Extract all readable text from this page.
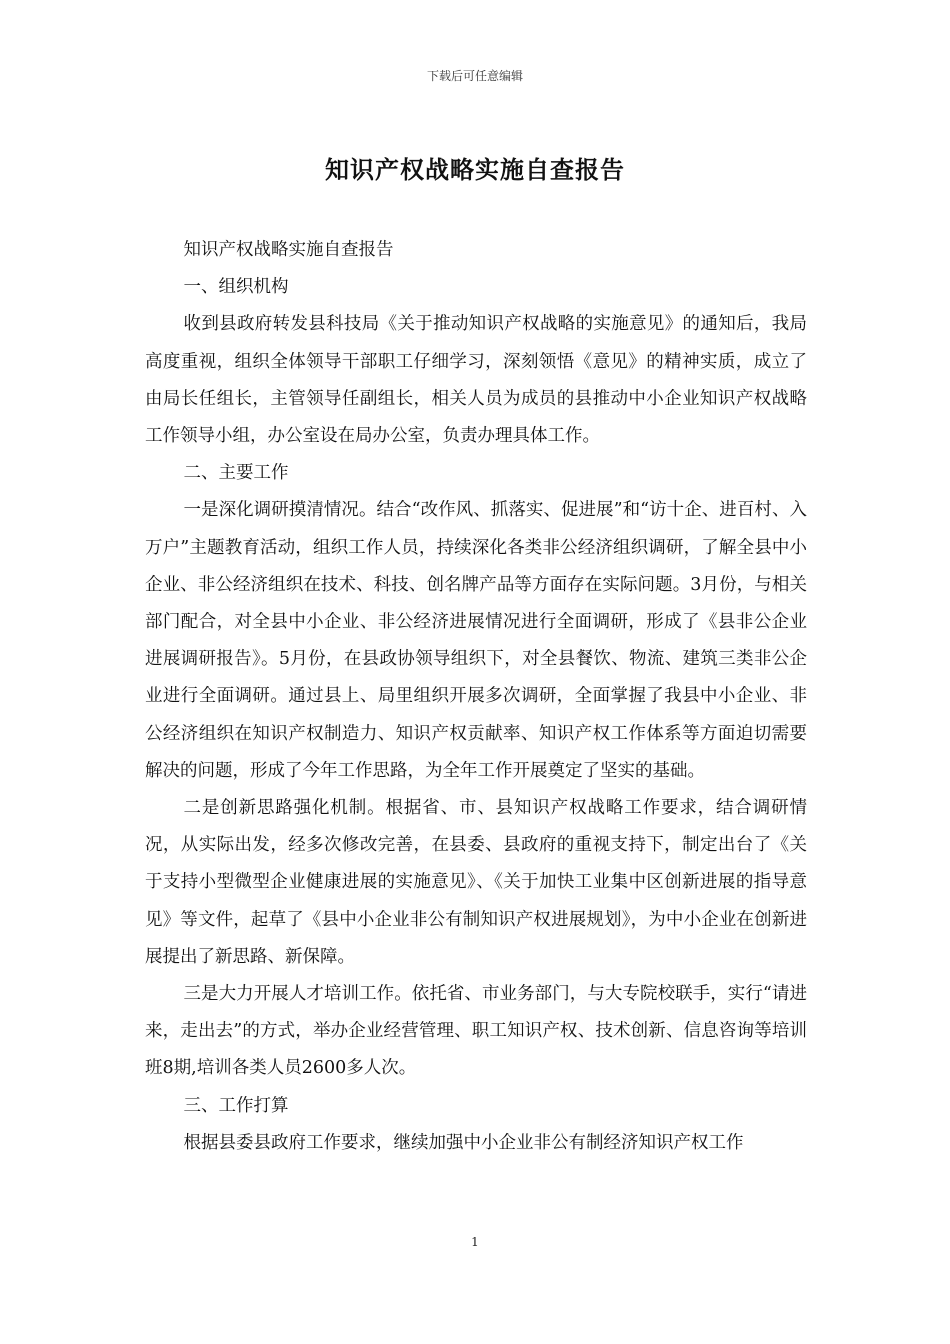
下载后可任意编辑
知识产权战略实施自查报告

知识产权战略实施自查报告

一、组织机构

收到县政府转发县科技局《关于推动知识产权战略的实施意见》的通知后，我局高度重视，组织全体领导干部职工仔细学习，深刻领悟《意见》的精神实质，成立了由局长任组长，主管领导任副组长，相关人员为成员的县推动中小企业知识产权战略工作领导小组，办公室设在局办公室，负责办理具体工作。

二、主要工作

一是深化调研摸清情况。结合“改作风、抓落实、促进展”和“访十企、进百村、入万户”主题教育活动，组织工作人员，持续深化各类非公经济组织调研，了解全县中小企业、非公经济组织在技术、科技、创名牌产品等方面存在实际问题。3月份，与相关部门配合，对全县中小企业、非公经济进展情况进行全面调研，形成了《县非公企业进展调研报告》。5月份，在县政协领导组织下，对全县餐饮、物流、建筑三类非公企业进行全面调研。通过县上、局里组织开展多次调研，全面掌握了我县中小企业、非公经济组织在知识产权制造力、知识产权贡献率、知识产权工作体系等方面迫切需要解决的问题，形成了今年工作思路，为全年工作开展奠定了坚实的基础。

二是创新思路强化机制。根据省、市、县知识产权战略工作要求，结合调研情况，从实际出发，经多次修改完善，在县委、县政府的重视支持下，制定出台了《关于支持小型微型企业健康进展的实施意见》、《关于加快工业集中区创新进展的指导意见》等文件，起草了《县中小企业非公有制知识产权进展规划》，为中小企业在创新进展提出了新思路、新保障。

三是大力开展人才培训工作。依托省、市业务部门，与大专院校联手，实行“请进来，走出去”的方式，举办企业经营管理、职工知识产权、技术创新、信息咨询等培训班8期,培训各类人员2600多人次。

三、工作打算

根据县委县政府工作要求，继续加强中小企业非公有制经济知识产权工作

1
